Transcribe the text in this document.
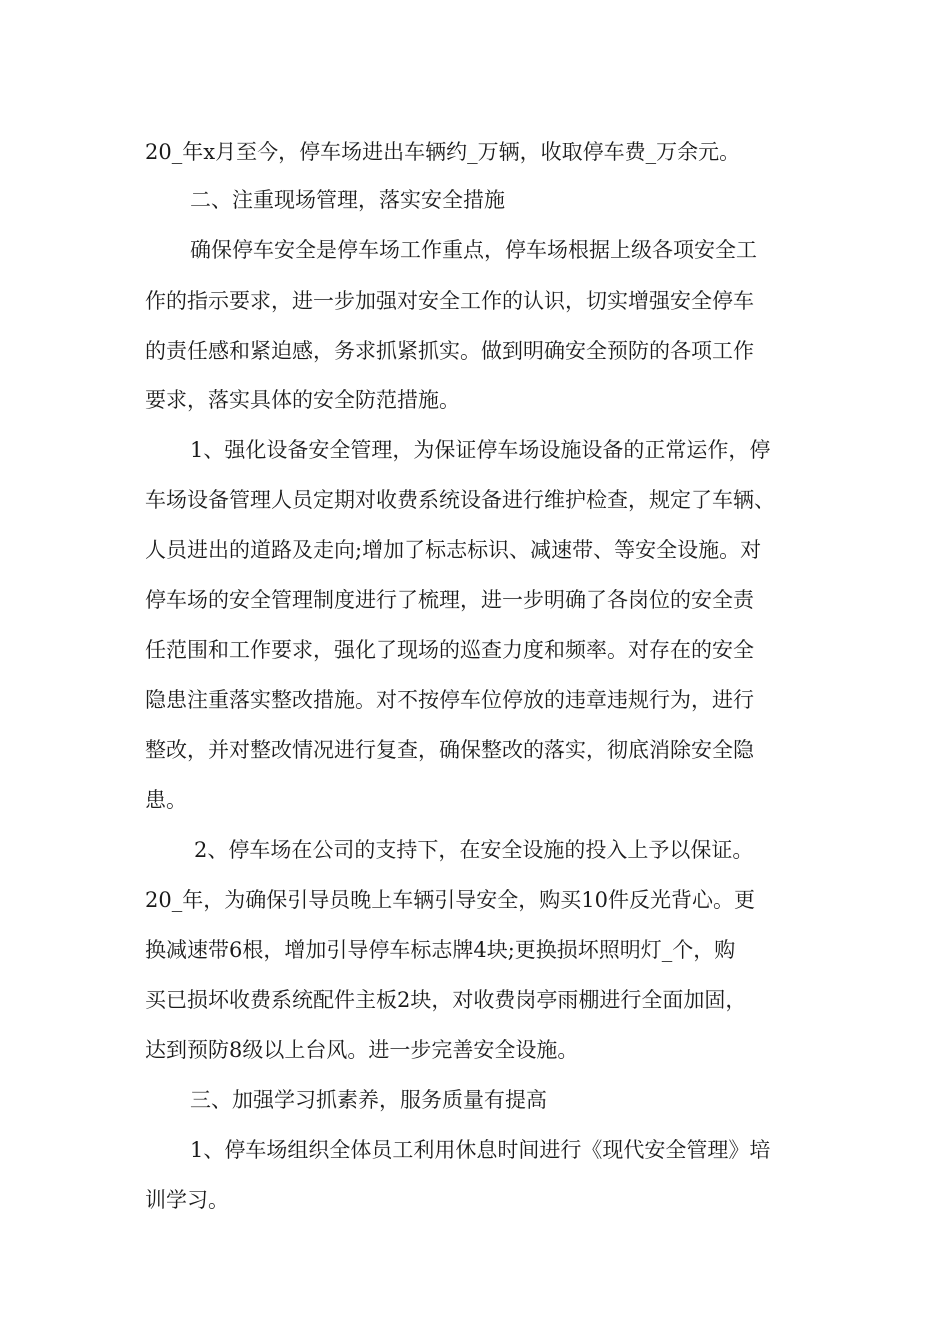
20_年x月至今，停车场进出车辆约_万辆，收取停车费_万余元。
二、注重现场管理，落实安全措施
确保停车安全是停车场工作重点，停车场根据上级各项安全工
作的指示要求，进一步加强对安全工作的认识，切实增强安全停车
的责任感和紧迫感，务求抓紧抓实。做到明确安全预防的各项工作
要求，落实具体的安全防范措施。
1、强化设备安全管理，为保证停车场设施设备的正常运作，停
车场设备管理人员定期对收费系统设备进行维护检查，规定了车辆、
人员进出的道路及走向;增加了标志标识、减速带、等安全设施。对
停车场的安全管理制度进行了梳理，进一步明确了各岗位的安全责
任范围和工作要求，强化了现场的巡查力度和频率。对存在的安全
隐患注重落实整改措施。对不按停车位停放的违章违规行为，进行
整改，并对整改情况进行复查，确保整改的落实，彻底消除安全隐
患。
2、停车场在公司的支持下，在安全设施的投入上予以保证。
20_年，为确保引导员晚上车辆引导安全，购买10件反光背心。更
换减速带6根，增加引导停车标志牌4块;更换损坏照明灯_个，购
买已损坏收费系统配件主板2块，对收费岗亭雨棚进行全面加固，
达到预防8级以上台风。进一步完善安全设施。
三、加强学习抓素养，服务质量有提高
1、停车场组织全体员工利用休息时间进行《现代安全管理》培
训学习。
